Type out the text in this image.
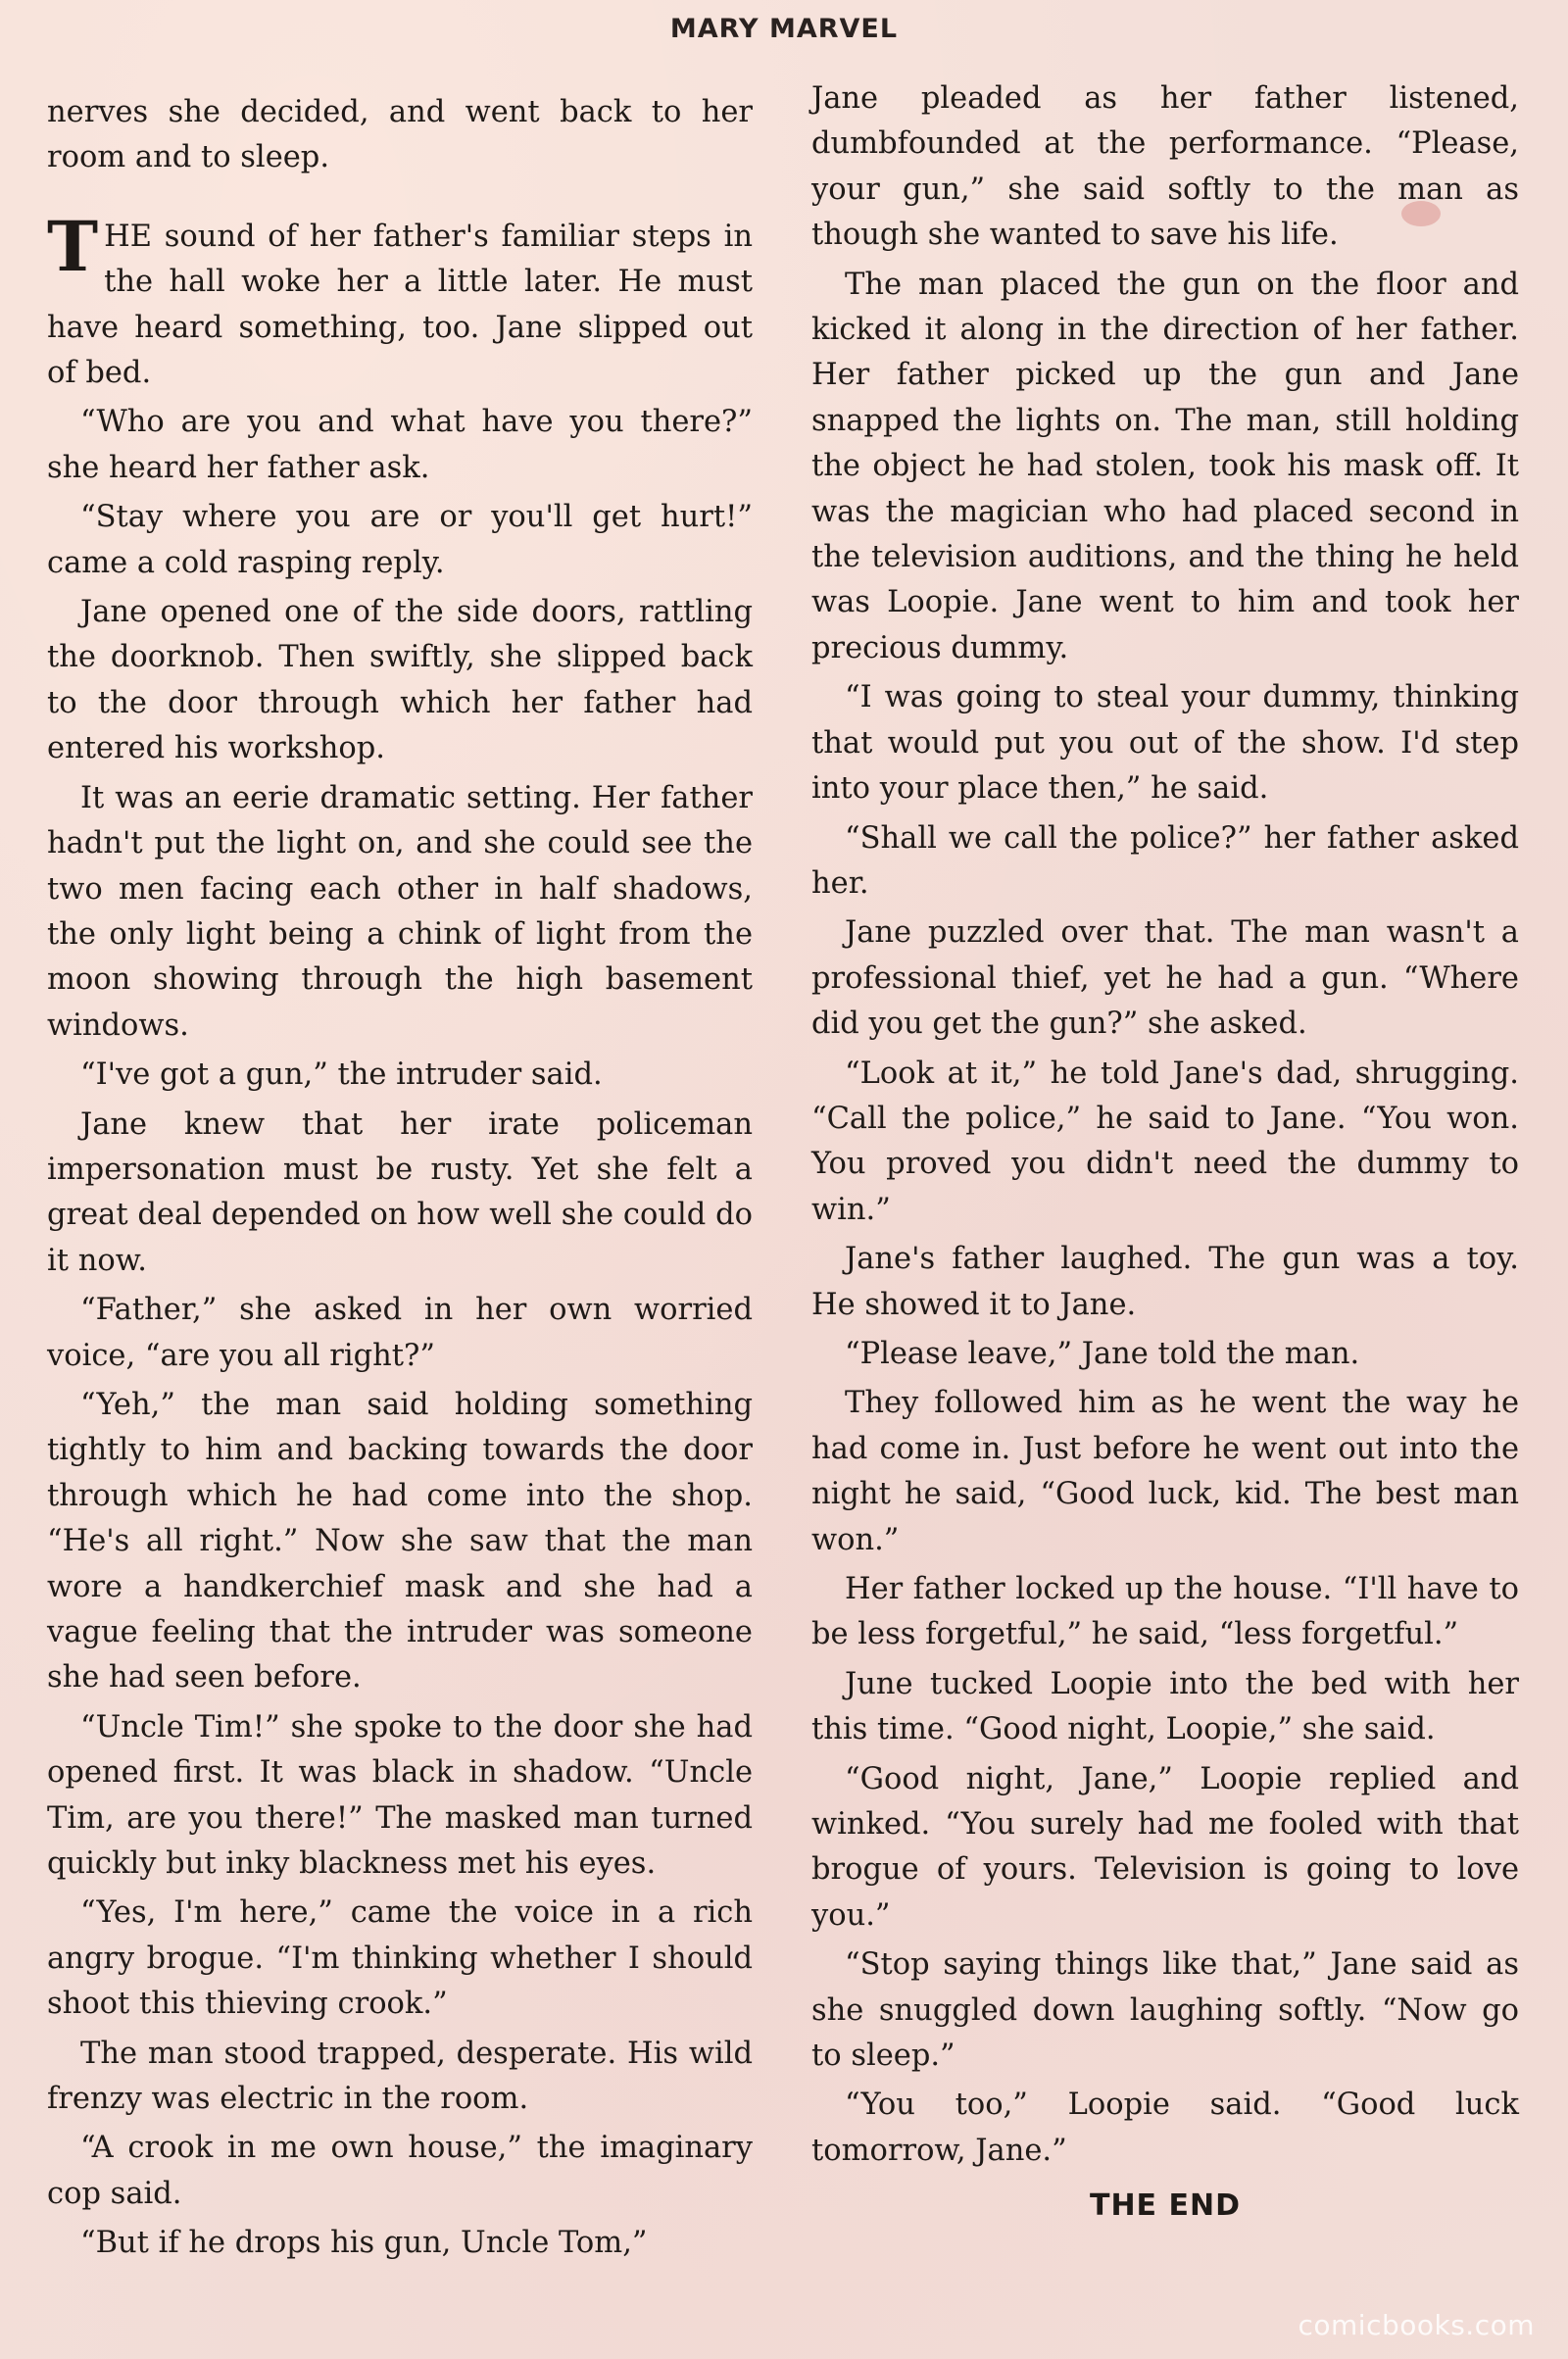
MARY MARVEL

nerves she decided, and went back to her room and to sleep.

THE sound of her father's familiar steps in the hall woke her a little later. He must have heard something, too. Jane slipped out of bed.

“Who are you and what have you there?” she heard her father ask.

“Stay where you are or you'll get hurt!” came a cold rasping reply.

Jane opened one of the side doors, rattling the doorknob. Then swiftly, she slipped back to the door through which her father had entered his workshop.

It was an eerie dramatic setting. Her father hadn't put the light on, and she could see the two men facing each other in half shadows, the only light being a chink of light from the moon showing through the high basement windows.

“I've got a gun,” the intruder said.

Jane knew that her irate policeman impersonation must be rusty. Yet she felt a great deal depended on how well she could do it now.

“Father,” she asked in her own worried voice, “are you all right?”

“Yeh,” the man said holding something tightly to him and backing towards the door through which he had come into the shop. “He's all right.” Now she saw that the man wore a handkerchief mask and she had a vague feeling that the intruder was someone she had seen before.

“Uncle Tim!” she spoke to the door she had opened first. It was black in shadow. “Uncle Tim, are you there!” The masked man turned quickly but inky blackness met his eyes.

“Yes, I'm here,” came the voice in a rich angry brogue. “I'm thinking whether I should shoot this thieving crook.”

The man stood trapped, desperate. His wild frenzy was electric in the room.

“A crook in me own house,” the imaginary cop said.

“But if he drops his gun, Uncle Tom,”

Jane pleaded as her father listened, dumbfounded at the performance. “Please, your gun,” she said softly to the man as though she wanted to save his life.

The man placed the gun on the floor and kicked it along in the direction of her father. Her father picked up the gun and Jane snapped the lights on. The man, still holding the object he had stolen, took his mask off. It was the magician who had placed second in the television auditions, and the thing he held was Loopie. Jane went to him and took her precious dummy.

“I was going to steal your dummy, thinking that would put you out of the show. I'd step into your place then,” he said.

“Shall we call the police?” her father asked her.

Jane puzzled over that. The man wasn't a professional thief, yet he had a gun. “Where did you get the gun?” she asked.

“Look at it,” he told Jane's dad, shrugging. “Call the police,” he said to Jane. “You won. You proved you didn't need the dummy to win.”

Jane's father laughed. The gun was a toy. He showed it to Jane.

“Please leave,” Jane told the man.

They followed him as he went the way he had come in. Just before he went out into the night he said, “Good luck, kid. The best man won.”

Her father locked up the house. “I'll have to be less forgetful,” he said, “less forgetful.”

June tucked Loopie into the bed with her this time. “Good night, Loopie,” she said.

“Good night, Jane,” Loopie replied and winked. “You surely had me fooled with that brogue of yours. Television is going to love you.”

“Stop saying things like that,” Jane said as she snuggled down laughing softly. “Now go to sleep.”

“You too,” Loopie said. “Good luck tomorrow, Jane.”

THE END
comicbooks.com
